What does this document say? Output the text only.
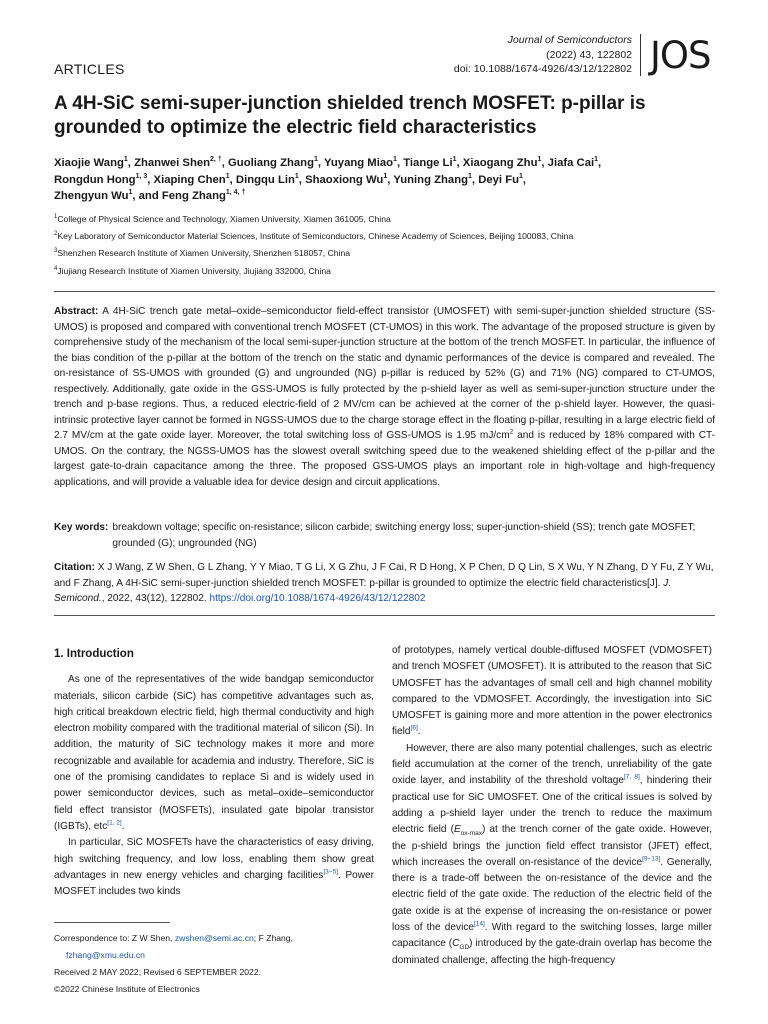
ARTICLES
Journal of Semiconductors
(2022) 43, 122802
doi: 10.1088/1674-4926/43/12/122802 JOS
A 4H-SiC semi-super-junction shielded trench MOSFET: p-pillar is grounded to optimize the electric field characteristics
Xiaojie Wang$^1$, Zhanwei Shen$^{2, \dagger}$, Guoliang Zhang$^1$, Yuyang Miao$^1$, Tiange Li$^1$, Xiaogang Zhu$^1$, Jiafa Cai$^1$,
Rongdun Hong$^{1, 3}$, Xiaping Chen$^1$, Dingqu Lin$^1$, Shaoxiong Wu$^1$, Yuning Zhang$^1$, Deyi Fu$^1$,
Zhengyun Wu$^1$, and Feng Zhang$^{1, 4, \dagger}$
$^1$College of Physical Science and Technology, Xiamen University, Xiamen 361005, China
$^2$Key Laboratory of Semiconductor Material Sciences, Institute of Semiconductors, Chinese Academy of Sciences, Beijing 100083, China
$^3$Shenzhen Research Institute of Xiamen University, Shenzhen 518057, China
$^4$Jiujiang Research Institute of Xiamen University, Jiujiang 332000, China
Abstract: A 4H-SiC trench gate metal–oxide–semiconductor field-effect transistor (UMOSFET) with semi-super-junction shielded structure (SS-UMOS) is proposed and compared with conventional trench MOSFET (CT-UMOS) in this work. The advantage of the proposed structure is given by comprehensive study of the mechanism of the local semi-super-junction structure at the bottom of the trench MOSFET. In particular, the influence of the bias condition of the p-pillar at the bottom of the trench on the static and dynamic performances of the device is compared and revealed. The on-resistance of SS-UMOS with grounded (G) and ungrounded (NG) p-pillar is reduced by 52% (G) and 71% (NG) compared to CT-UMOS, respectively. Additionally, gate oxide in the GSS-UMOS is fully protected by the p-shield layer as well as semi-super-junction structure under the trench and p-base regions. Thus, a reduced electric-field of 2 MV/cm can be achieved at the corner of the p-shield layer. However, the quasi-intrinsic protective layer cannot be formed in NGSS-UMOS due to the charge storage effect in the floating p-pillar, resulting in a large electric field of 2.7 MV/cm at the gate oxide layer. Moreover, the total switching loss of GSS-UMOS is 1.95 $mJ/cm^2$ and is reduced by 18% compared with CT-UMOS. On the contrary, the NGSS-UMOS has the slowest overall switching speed due to the weakened shielding effect of the p-pillar and the largest gate-to-drain capacitance among the three. The proposed GSS-UMOS plays an important role in high-voltage and high-frequency applications, and will provide a valuable idea for device design and circuit applications.
Key words: breakdown voltage; specific on-resistance; silicon carbide; switching energy loss; super-junction-shield (SS); trench gate MOSFET; grounded (G); ungrounded (NG)
Citation: X J Wang, Z W Shen, G L Zhang, Y Y Miao, T G Li, X G Zhu, J F Cai, R D Hong, X P Chen, D Q Lin, S X Wu, Y N Zhang, D Y Fu, Z Y Wu, and F Zhang, A 4H-SiC semi-super-junction shielded trench MOSFET: p-pillar is grounded to optimize the electric field characteristics[J]. J. Semicond., 2022, 43(12), 122802. https://doi.org/10.1088/1674-4926/43/12/122802
1. Introduction

As one of the representatives of the wide bandgap semiconductor materials, silicon carbide (SiC) has competitive advantages such as, high critical breakdown electric field, high thermal conductivity and high electron mobility compared with the traditional material of silicon (Si). In addition, the maturity of SiC technology makes it more and more recognizable and available for academia and industry. Therefore, SiC is one of the promising candidates to replace Si and is widely used in power semiconductor devices, such as metal–oxide–semiconductor field effect transistor (MOSFETs), insulated gate bipolar transistor (IGBTs), etc[1, 2].

In particular, SiC MOSFETs have the characteristics of easy driving, high switching frequency, and low loss, enabling them show great advantages in new energy vehicles and charging facilities[3−5]. Power MOSFET includes two kinds

of prototypes, namely vertical double-diffused MOSFET (VDMOSFET) and trench MOSFET (UMOSFET). It is attributed to the reason that SiC UMOSFET has the advantages of small cell and high channel mobility compared to the VDMOSFET. Accordingly, the investigation into SiC UMOSFET is gaining more and more attention in the power electronics field[6].

However, there are also many potential challenges, such as electric field accumulation at the corner of the trench, unreliability of the gate oxide layer, and instability of the threshold voltage[7, 8], hindering their practical use for SiC UMOSFET. One of the critical issues is solved by adding a p-shield layer under the trench to reduce the maximum electric field $(E_{ox-max})$ at the trench corner of the gate oxide. However, the p-shield brings the junction field effect transistor (JFET) effect, which increases the overall on-resistance of the device[9−13]. Generally, there is a trade-off between the on-resistance of the device and the electric field of the gate oxide. The reduction of the electric field of the gate oxide is at the expense of increasing the on-resistance or power loss of the device[14]. With regard to the switching losses, large miller capacitance $(C_{GD})$ introduced by the gate-drain overlap has become the dominated challenge, affecting the high-frequency

Correspondence to: Z W Shen, zwshen@semi.ac.cn; F Zhang,
fzhang@xmu.edu.cn
Received 2 MAY 2022; Revised 6 SEPTEMBER 2022.
©2022 Chinese Institute of Electronics
